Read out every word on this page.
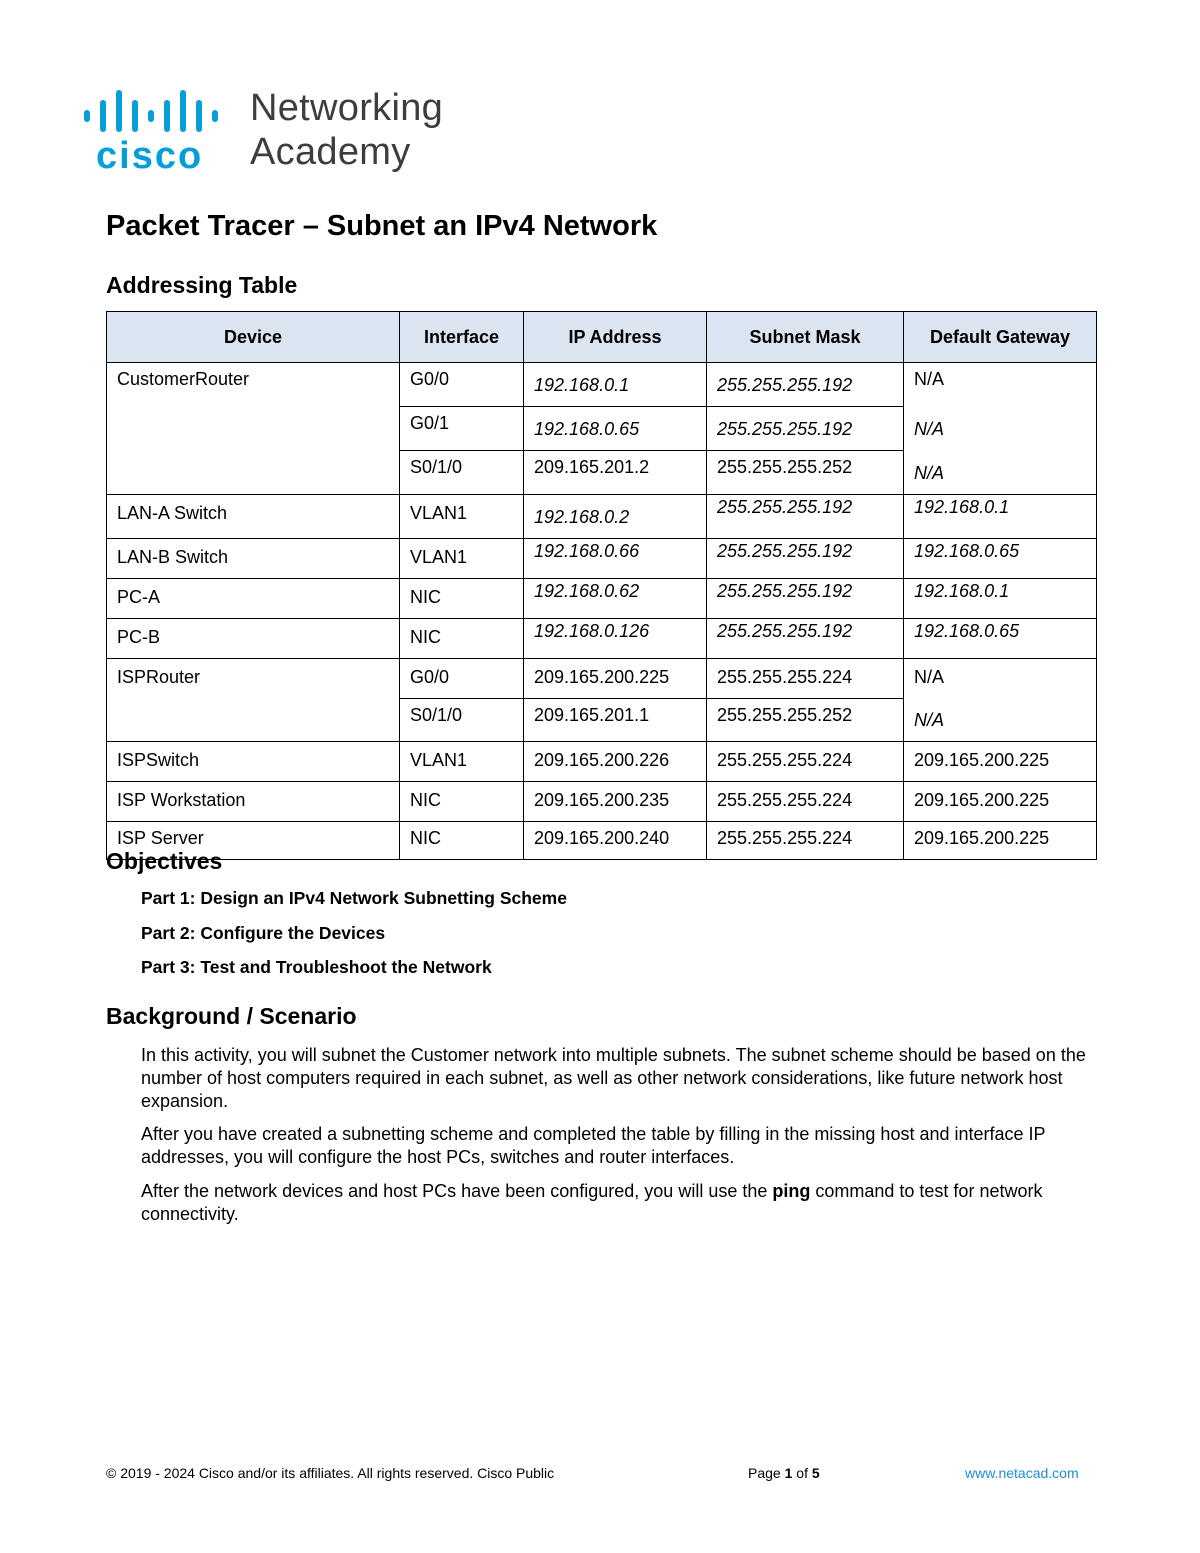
cisco
Networking
Academy
Packet Tracer – Subnet an IPv4 Network
Addressing Table
Device	Interface	IP Address	Subnet Mask	Default Gateway
CustomerRouter	G0/0	192.168.0.1	255.255.255.192	N/A
	G0/1	192.168.0.65	255.255.255.192	N/A
	S0/1/0	209.165.201.2	255.255.255.252	N/A
LAN-A Switch	VLAN1	192.168.0.2	255.255.255.192	192.168.0.1
LAN-B Switch	VLAN1	192.168.0.66	255.255.255.192	192.168.0.65
PC-A	NIC	192.168.0.62	255.255.255.192	192.168.0.1
PC-B	NIC	192.168.0.126	255.255.255.192	192.168.0.65
ISPRouter	G0/0	209.165.200.225	255.255.255.224	N/A
	S0/1/0	209.165.201.1	255.255.255.252	N/A
ISPSwitch	VLAN1	209.165.200.226	255.255.255.224	209.165.200.225
ISP Workstation	NIC	209.165.200.235	255.255.255.224	209.165.200.225
ISP Server	NIC	209.165.200.240	255.255.255.224	209.165.200.225
Objectives

Part 1: Design an IPv4 Network Subnetting Scheme

Part 2: Configure the Devices

Part 3: Test and Troubleshoot the Network

Background / Scenario

In this activity, you will subnet the Customer network into multiple subnets. The subnet scheme should be based on the number of host computers required in each subnet, as well as other network considerations, like future network host expansion.

After you have created a subnetting scheme and completed the table by filling in the missing host and interface IP addresses, you will configure the host PCs, switches and router interfaces.

After the network devices and host PCs have been configured, you will use the ping command to test for network connectivity.

© 2019 - 2024 Cisco and/or its affiliates. All rights reserved. Cisco Public	Page 1 of 5	www.netacad.com
